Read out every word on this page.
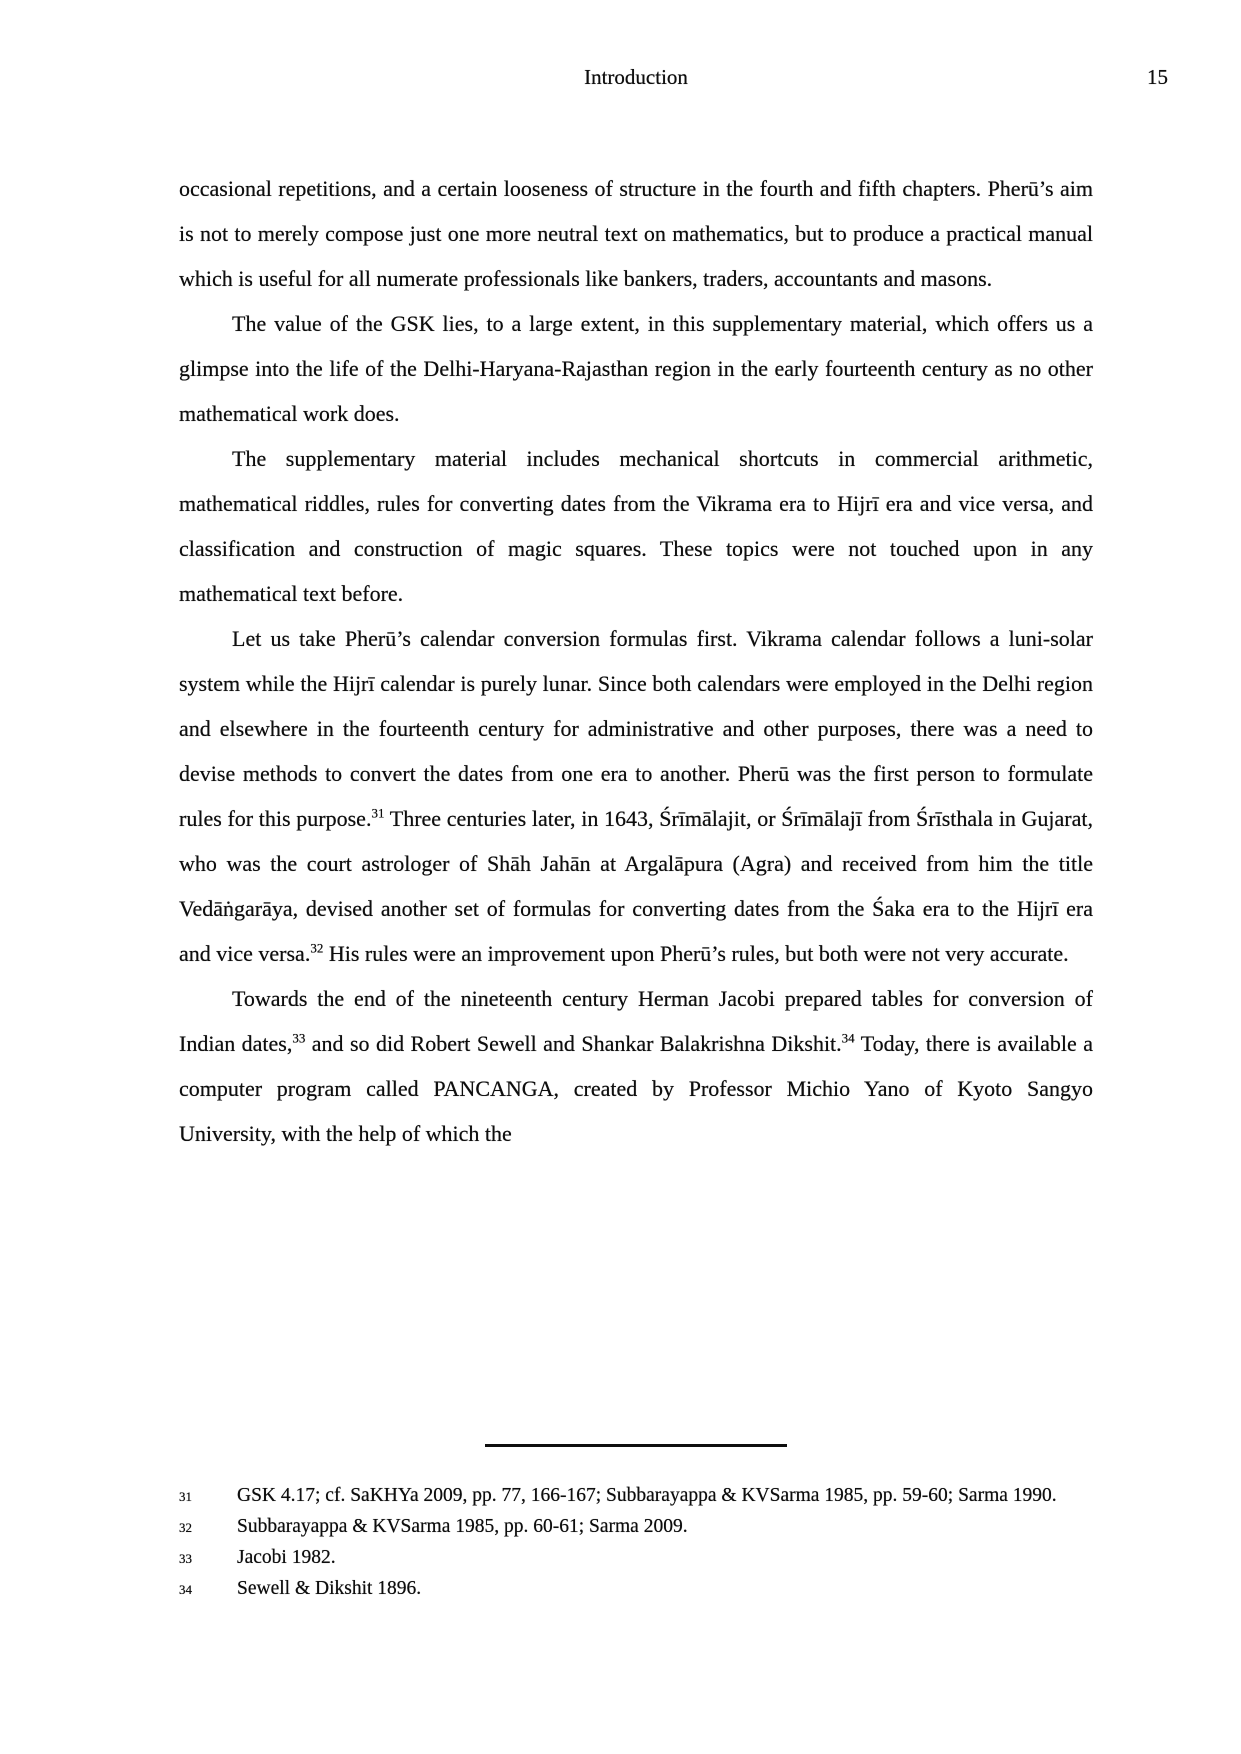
Introduction	15

occasional repetitions, and a certain looseness of structure in the fourth and fifth chapters. Pherū’s aim is not to merely compose just one more neutral text on mathematics, but to produce a practical manual which is useful for all numerate professionals like bankers, traders, accountants and masons.

The value of the GSK lies, to a large extent, in this supplementary material, which offers us a glimpse into the life of the Delhi-Haryana-Rajasthan region in the early fourteenth century as no other mathematical work does.

The supplementary material includes mechanical shortcuts in commercial arithmetic, mathematical riddles, rules for converting dates from the Vikrama era to Hijrī era and vice versa, and classification and construction of magic squares. These topics were not touched upon in any mathematical text before.

Let us take Pherū’s calendar conversion formulas first. Vikrama calendar follows a luni-solar system while the Hijrī calendar is purely lunar. Since both calendars were employed in the Delhi region and elsewhere in the fourteenth century for administrative and other purposes, there was a need to devise methods to convert the dates from one era to another. Pherū was the first person to formulate rules for this purpose.$^{31}$ Three centuries later, in 1643, Śrīmālajit, or Śrīmālajī from Śrīsthala in Gujarat, who was the court astrologer of Shāh Jahān at Argalāpura (Agra) and received from him the title Vedāṅgarāya, devised another set of formulas for converting dates from the Śaka era to the Hijrī era and vice versa.$^{32}$ His rules were an improvement upon Pherū’s rules, but both were not very accurate.

Towards the end of the nineteenth century Herman Jacobi prepared tables for conversion of Indian dates,$^{33}$ and so did Robert Sewell and Shankar Balakrishna Dikshit.$^{34}$ Today, there is available a computer program called PANCANGA, created by Professor Michio Yano of Kyoto Sangyo University, with the help of which the

31	GSK 4.17; cf. SaKHYa 2009, pp. 77, 166-167; Subbarayappa & KVSarma 1985, pp. 59-60; Sarma 1990.
32	Subbarayappa & KVSarma 1985, pp. 60-61; Sarma 2009.
33	Jacobi 1982.
34	Sewell & Dikshit 1896.
